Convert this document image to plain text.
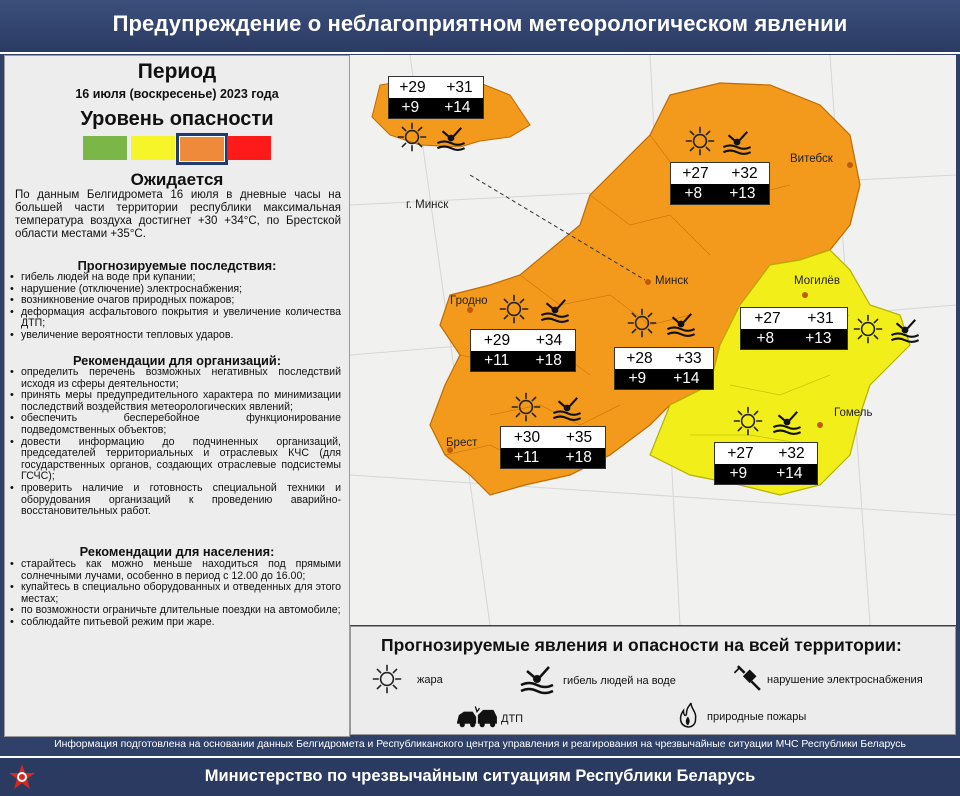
Предупреждение о неблагоприятном метеорологическом явлении
Период
16 июля (воскресенье) 2023 года
Уровень опасности
Ожидается
По данным Белгидромета 16 июля в дневные часы на большей части территории республики максимальная температура воздуха достигнет +30 +34°С, по Брестской области местами +35°С.
Прогнозируемые последствия:
• гибель людей на воде при купании;
• нарушение (отключение) электроснабжения;
• возникновение очагов природных пожаров;
• деформация асфальтового покрытия и увеличение количества ДТП;
• увеличение вероятности тепловых ударов.
Рекомендации для организаций:
• определить перечень возможных негативных последствий исходя из сферы деятельности;
• принять меры предупредительного характера по минимизации последствий воздействия метеорологических явлений;
• обеспечить бесперебойное функционирование подведомственных объектов;
• довести информацию до подчиненных организаций, председателей территориальных и отраслевых КЧС (для государственных органов, создающих отраслевые подсистемы ГСЧС);
• проверить наличие и готовность специальной техники и оборудования организаций к проведению аварийно-восстановительных работ.
Рекомендации для населения:
• старайтесь как можно меньше находиться под прямыми солнечными лучами, особенно в период с 12.00 до 16.00;
• купайтесь в специально оборудованных и отведенных для этого местах;
• по возможности ограничьте длительные поездки на автомобиле;
• соблюдайте питьевой режим при жаре.
Витебск
г. Минск
Минск
Гродно
Могилёв
Брест
Гомель
+29 +31
+9 +14
+27 +32
+8 +13
+29 +34
+11 +18	+28 +33
+9 +14
+27 +31
+8 +13
+30 +35
+11 +18	+27 +32
+9 +14
Прогнозируемые явления и опасности на всей территории:
жара	гибель людей на воде	нарушение электроснабжения
ДТП	природные пожары
Информация подготовлена на основании данных Белгидромета и Республиканского центра управления и реагирования на чрезвычайные ситуации МЧС Республики Беларусь
Министерство по чрезвычайным ситуациям Республики Беларусь
